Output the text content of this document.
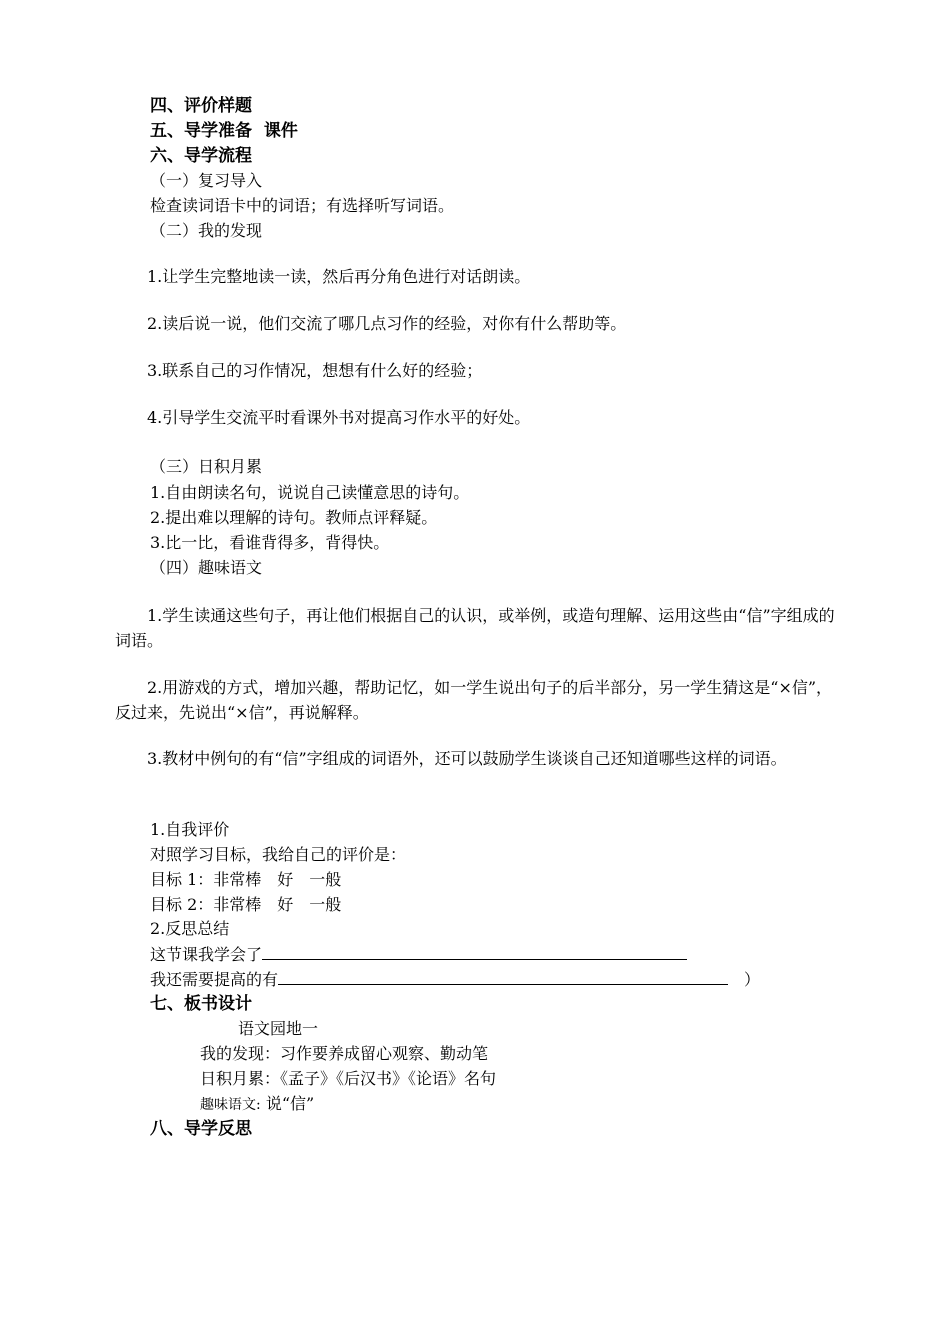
四、评价样题
五、导学准备 课件
六、导学流程
（一）复习导入
检查读词语卡中的词语；有选择听写词语。
（二）我的发现
1.让学生完整地读一读，然后再分角色进行对话朗读。
2.读后说一说，他们交流了哪几点习作的经验，对你有什么帮助等。
3.联系自己的习作情况，想想有什么好的经验；
4.引导学生交流平时看课外书对提高习作水平的好处。
（三）日积月累
1.自由朗读名句，说说自己读懂意思的诗句。
2.提出难以理解的诗句。教师点评释疑。
3.比一比，看谁背得多，背得快。
（四）趣味语文
1.学生读通这些句子，再让他们根据自己的认识，或举例，或造句理解、运用这些由“信”字组成的词语。
2.用游戏的方式，增加兴趣，帮助记忆，如一学生说出句子的后半部分，另一学生猜这是“×信”，反过来，先说出“×信”，再说解释。
3.教材中例句的有“信”字组成的词语外，还可以鼓励学生谈谈自己还知道哪些这样的词语。
1.自我评价
对照学习目标，我给自己的评价是：
目标 1：非常棒　好　一般
目标 2：非常棒　好　一般
2.反思总结
这节课我学会了
我还需要提高的有	）
七、板书设计
语文园地一
我的发现：习作要养成留心观察、勤动笔
日积月累：《孟子》《后汉书》《论语》名句
趣味语文: 说“信”
八、导学反思
